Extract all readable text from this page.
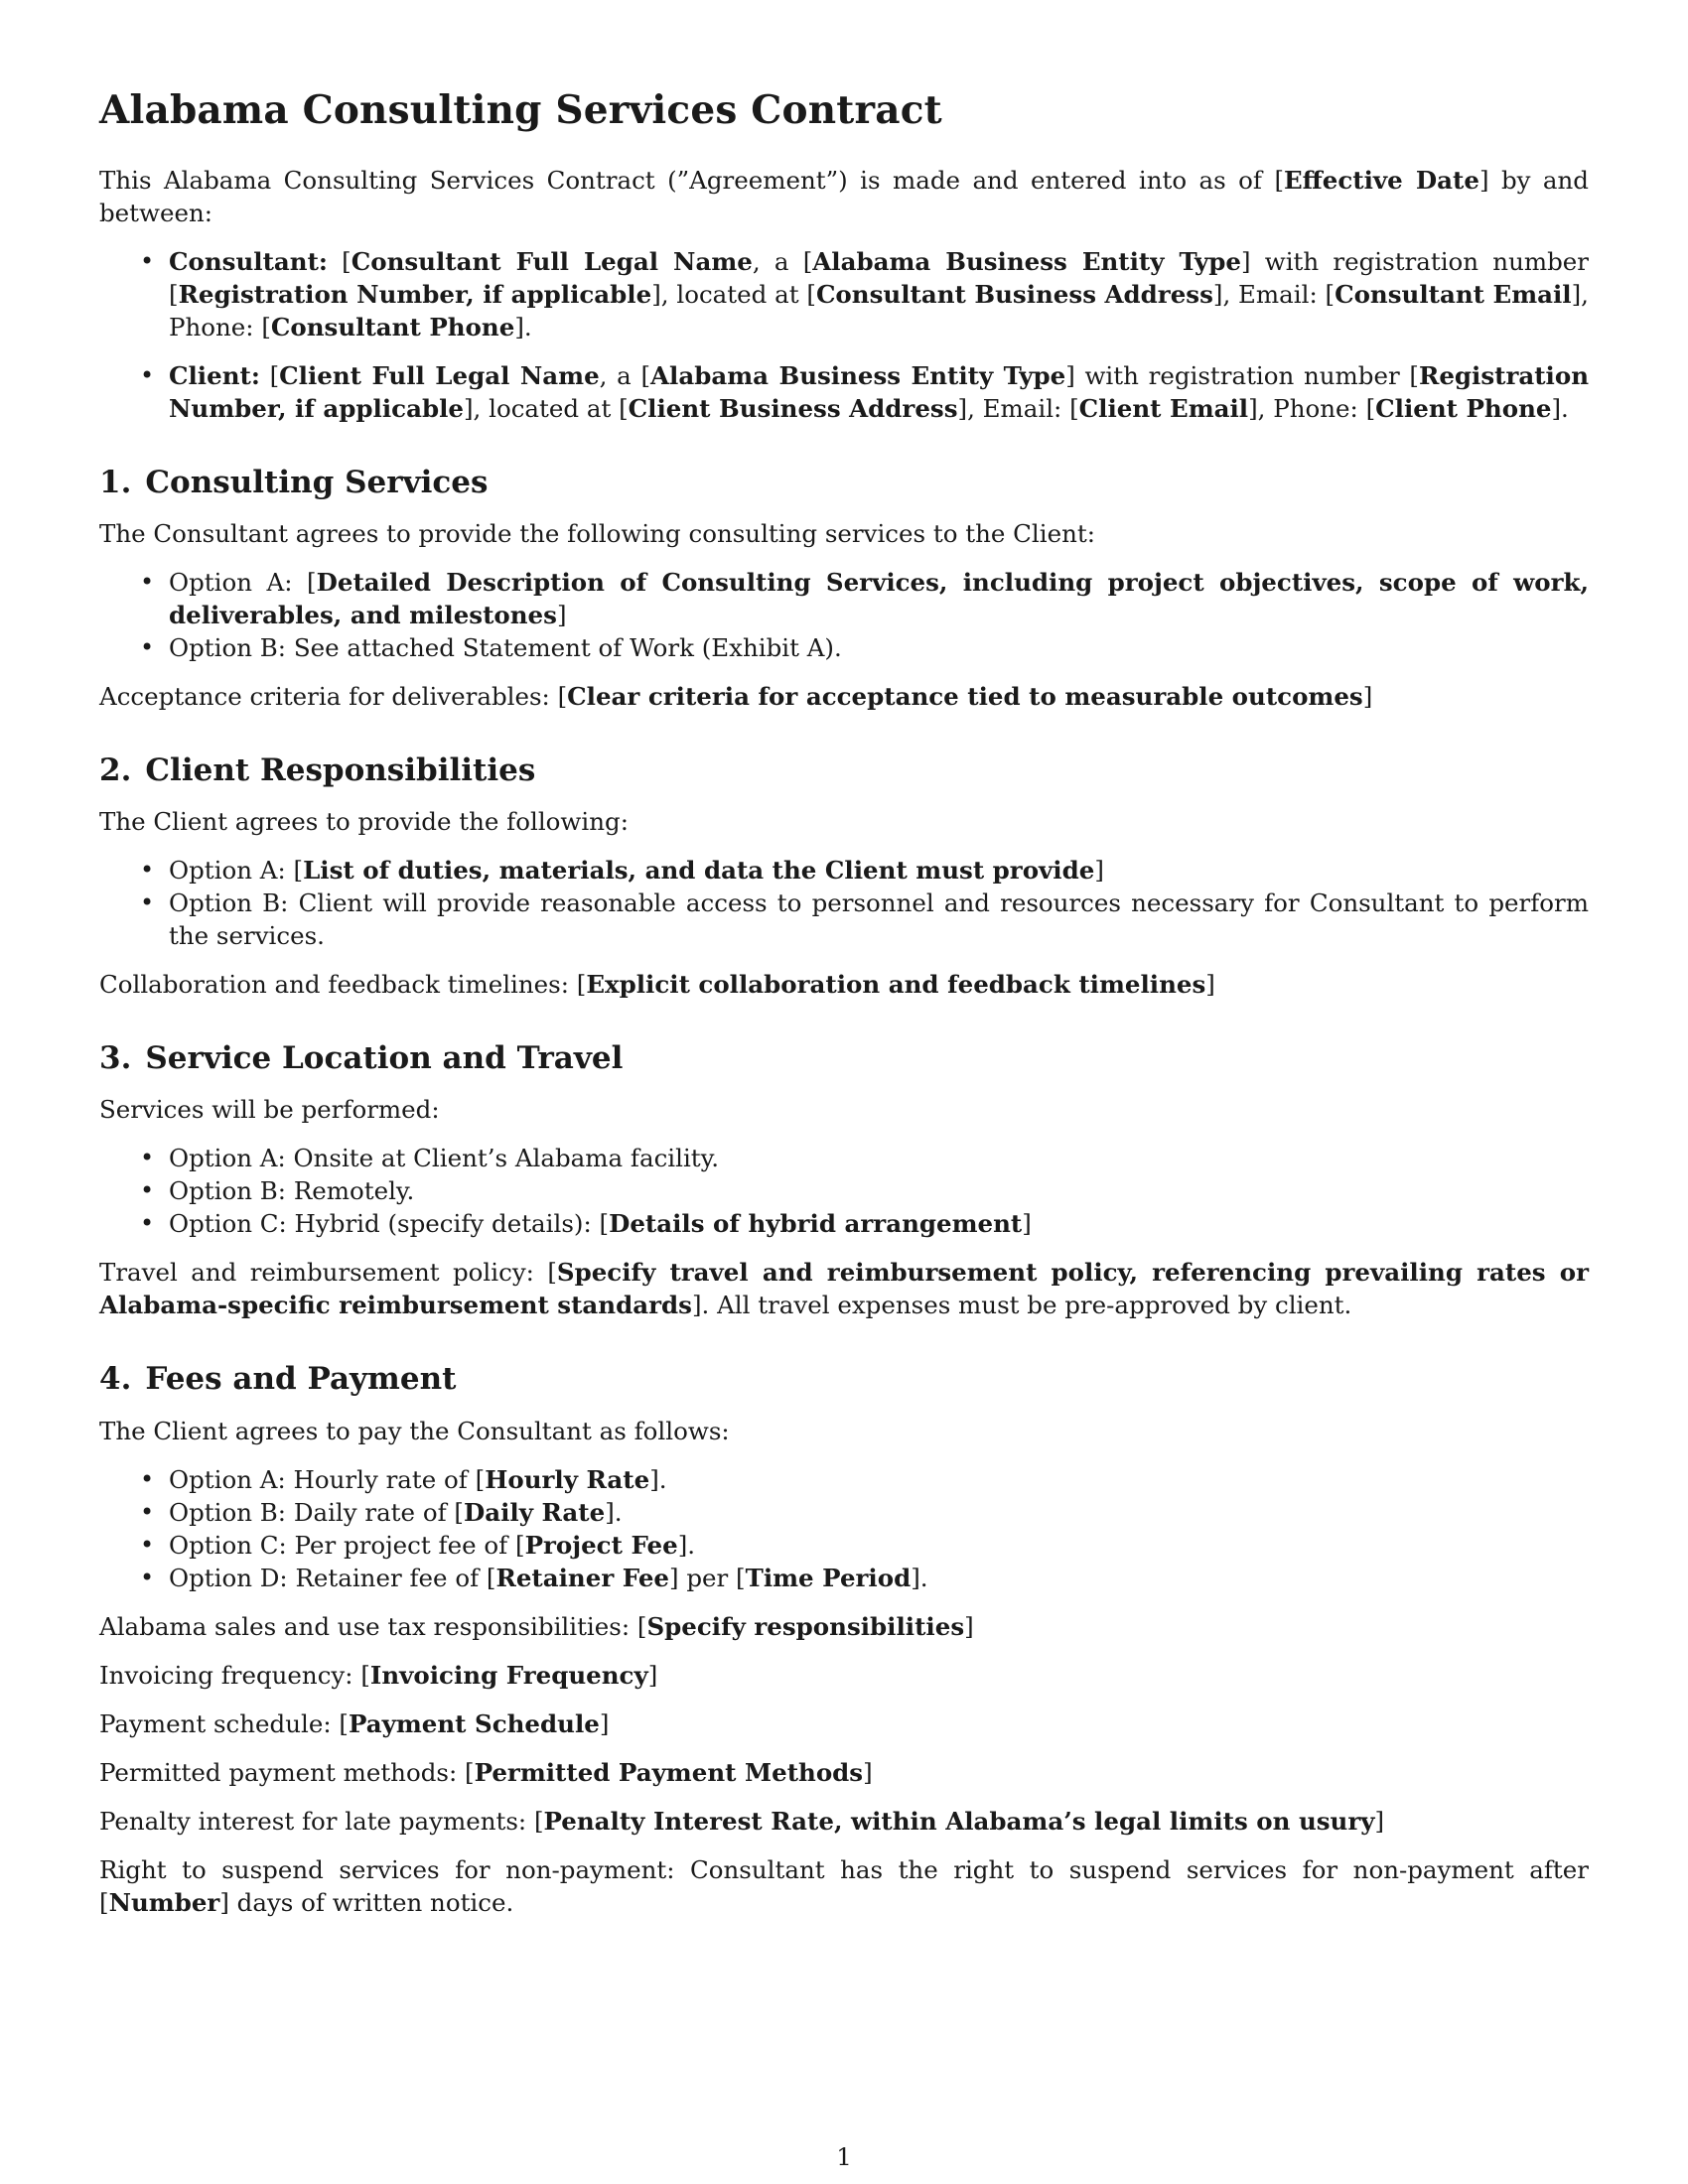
Alabama Consulting Services Contract

This Alabama Consulting Services Contract (”Agreement”) is made and entered into as of [Effective Date] by and between:

• Consultant: [Consultant Full Legal Name, a [Alabama Business Entity Type] with registration number [Registration Number, if applicable], located at [Consultant Business Address], Email: [Consultant Email], Phone: [Consultant Phone].
• Client: [Client Full Legal Name, a [Alabama Business Entity Type] with registration number [Registration Number, if applicable], located at [Client Business Address], Email: [Client Email], Phone: [Client Phone].
1. Consulting Services

The Consultant agrees to provide the following consulting services to the Client:

• Option A: [Detailed Description of Consulting Services, including project objectives, scope of work, deliverables, and milestones]
• Option B: See attached Statement of Work (Exhibit A).

Acceptance criteria for deliverables: [Clear criteria for acceptance tied to measurable outcomes]

2. Client Responsibilities

The Client agrees to provide the following:

• Option A: [List of duties, materials, and data the Client must provide]
• Option B: Client will provide reasonable access to personnel and resources necessary for Consultant to perform the services.

Collaboration and feedback timelines: [Explicit collaboration and feedback timelines]

3. Service Location and Travel

Services will be performed:

• Option A: Onsite at Client’s Alabama facility.
• Option B: Remotely.
• Option C: Hybrid (specify details): [Details of hybrid arrangement]

Travel and reimbursement policy: [Specify travel and reimbursement policy, referencing prevailing rates or Alabama-specific reimbursement standards]. All travel expenses must be pre-approved by client.

4. Fees and Payment

The Client agrees to pay the Consultant as follows:

• Option A: Hourly rate of [Hourly Rate].
• Option B: Daily rate of [Daily Rate].
• Option C: Per project fee of [Project Fee].
• Option D: Retainer fee of [Retainer Fee] per [Time Period].

Alabama sales and use tax responsibilities: [Specify responsibilities]

Invoicing frequency: [Invoicing Frequency]

Payment schedule: [Payment Schedule]

Permitted payment methods: [Permitted Payment Methods]

Penalty interest for late payments: [Penalty Interest Rate, within Alabama’s legal limits on usury]

Right to suspend services for non-payment: Consultant has the right to suspend services for non-payment after [Number] days of written notice.

1
